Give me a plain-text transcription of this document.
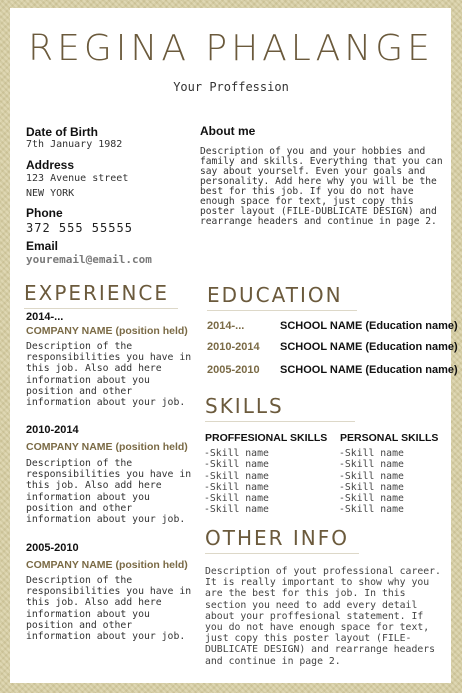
REGINA PHALANGE
Your Proffession
Date of Birth
7th January 1982
Address
123 Avenue street
NEW YORK
Phone
372 555 55555
Email
youremail@email.com
About me

Description of you and your hobbies and family and skills. Everything that you can say about yourself. Even your goals and personality. Add here why you will be the best for this job. If you do not have enough space for text, just copy this poster layout (FILE-DUBLICATE DESIGN) and rearrange headers and continue in page 2.

EXPERIENCE
2014-...
COMPANY NAME (position held)

Description of the responsibilities you have in this job. Also add here information about you position and other information about your job.

2010-2014
COMPANY NAME (position held)

Description of the responsibilities you have in this job. Also add here information about you position and other information about your job.

2005-2010
COMPANY NAME (position held)

Description of the responsibilities you have in this job. Also add here information about you position and other information about your job.

EDUCATION
2014-...	SCHOOL NAME (Education name)
2010-2014 SCHOOL NAME (Education name)
2005-2010 SCHOOL NAME (Education name)
SKILLS
PROFFESIONAL SKILLS PERSONAL SKILLS
-Skill name
-Skill name
-Skill name
-Skill name
-Skill name
-Skill name
-Skill name
-Skill name
-Skill name
-Skill name
-Skill name
-Skill name
OTHER INFO

Description of yout professional career. It is really important to show why you are the best for this job. In this section you need to add every detail about your proffesional statement. If you do not have enough space for text, just copy this poster layout (FILE-DUBLICATE DESIGN) and rearrange headers and continue in page 2.
